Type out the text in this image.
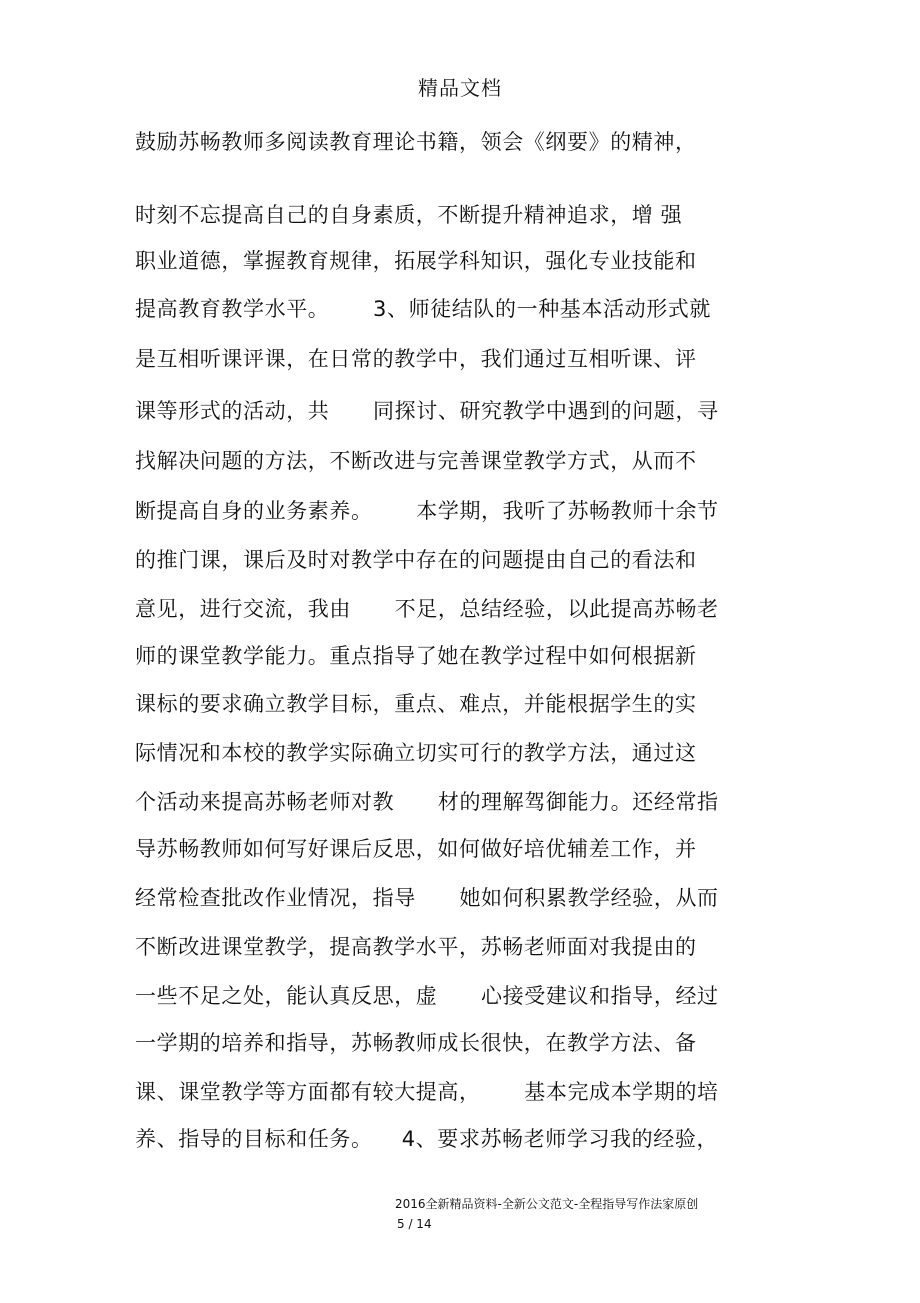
精品文档
鼓励苏畅教师多阅读教育理论书籍，领会《纲要》的精神，
时刻不忘提高自己的自身素质，不断提升精神追求，增 强
职业道德，掌握教育规律，拓展学科知识，强化专业技能和
提高教育教学水平。      3、师徒结队的一种基本活动形式就
是互相听课评课，在日常的教学中，我们通过互相听课、评
课等形式的活动，共      同探讨、研究教学中遇到的问题，寻
找解决问题的方法，不断改进与完善课堂教学方式，从而不
断提高自身的业务素养。      本学期，我听了苏畅教师十余节
的推门课，课后及时对教学中存在的问题提由自己的看法和
意见，进行交流，我由      不足，总结经验，以此提高苏畅老
师的课堂教学能力。重点指导了她在教学过程中如何根据新
课标的要求确立教学目标，重点、难点，并能根据学生的实
际情况和本校的教学实际确立切实可行的教学方法，通过这
个活动来提高苏畅老师对教      材的理解驾御能力。还经常指
导苏畅教师如何写好课后反思，如何做好培优辅差工作，并
经常检查批改作业情况，指导      她如何积累教学经验，从而
不断改进课堂教学，提高教学水平，苏畅老师面对我提由的
一些不足之处，能认真反思，虚      心接受建议和指导，经过
一学期的培养和指导，苏畅教师成长很快，在教学方法、备
课、课堂教学等方面都有较大提高，      基本完成本学期的培
养、指导的目标和任务。    4、要求苏畅老师学习我的经验，
2016全新精品资料-全新公文范文-全程指导写作法家原创
5 / 14
